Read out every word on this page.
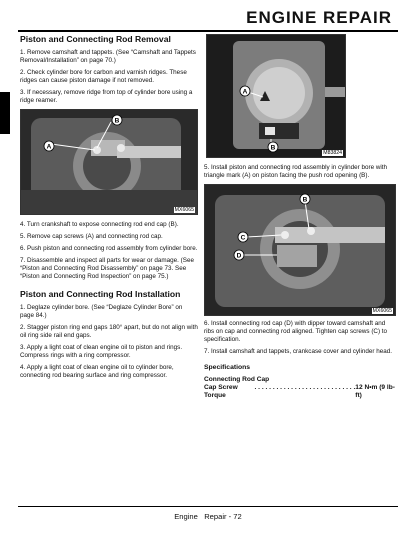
ENGINE REPAIR
Piston and Connecting Rod Removal

1. Remove camshaft and tappets. (See “Camshaft and Tappets Removal/Installation” on page 70.)

2. Check cylinder bore for carbon and varnish ridges. These ridges can cause piston damage if not removed.

3. If necessary, remove ridge from top of cylinder bore using a ridge reamer.

B
A
MX6065

4. Turn crankshaft to expose connecting rod end cap (B).

5. Remove cap screws (A) and connecting rod cap.

6. Push piston and connecting rod assembly from cylinder bore.

7. Disassemble and inspect all parts for wear or damage. (See “Piston and Connecting Rod Disassembly” on page 73. See “Piston and Connecting Rod Inspection” on page 75.)

Piston and Connecting Rod Installation

1. Deglaze cylinder bore. (See “Deglaze Cylinder Bore” on page 84.)

2. Stagger piston ring end gaps 180° apart, but do not align with oil ring side rail end gaps.

3. Apply a light coat of clean engine oil to piston and rings. Compress rings with a ring compressor.

4. Apply a light coat of clean engine oil to cylinder bore, connecting rod bearing surface and ring compressor.

A
B
M83824

5. Install piston and connecting rod assembly in cylinder bore with triangle mark (A) on piston facing the push rod opening (B).

B
C
D
MX6065

6. Install connecting rod cap (D) with dipper toward camshaft and ribs on cap and connecting rod aligned. Tighten cap screws (C) to specification.

7. Install camshaft and tappets, crankcase cover and cylinder head.

Specifications
Connecting Rod Cap
Cap Screw Torque
. . . . . . . . . . . . . . . . . . . . . . . . . . . . 12 N•m (9 lb-ft)
Engine   Repair - 72
